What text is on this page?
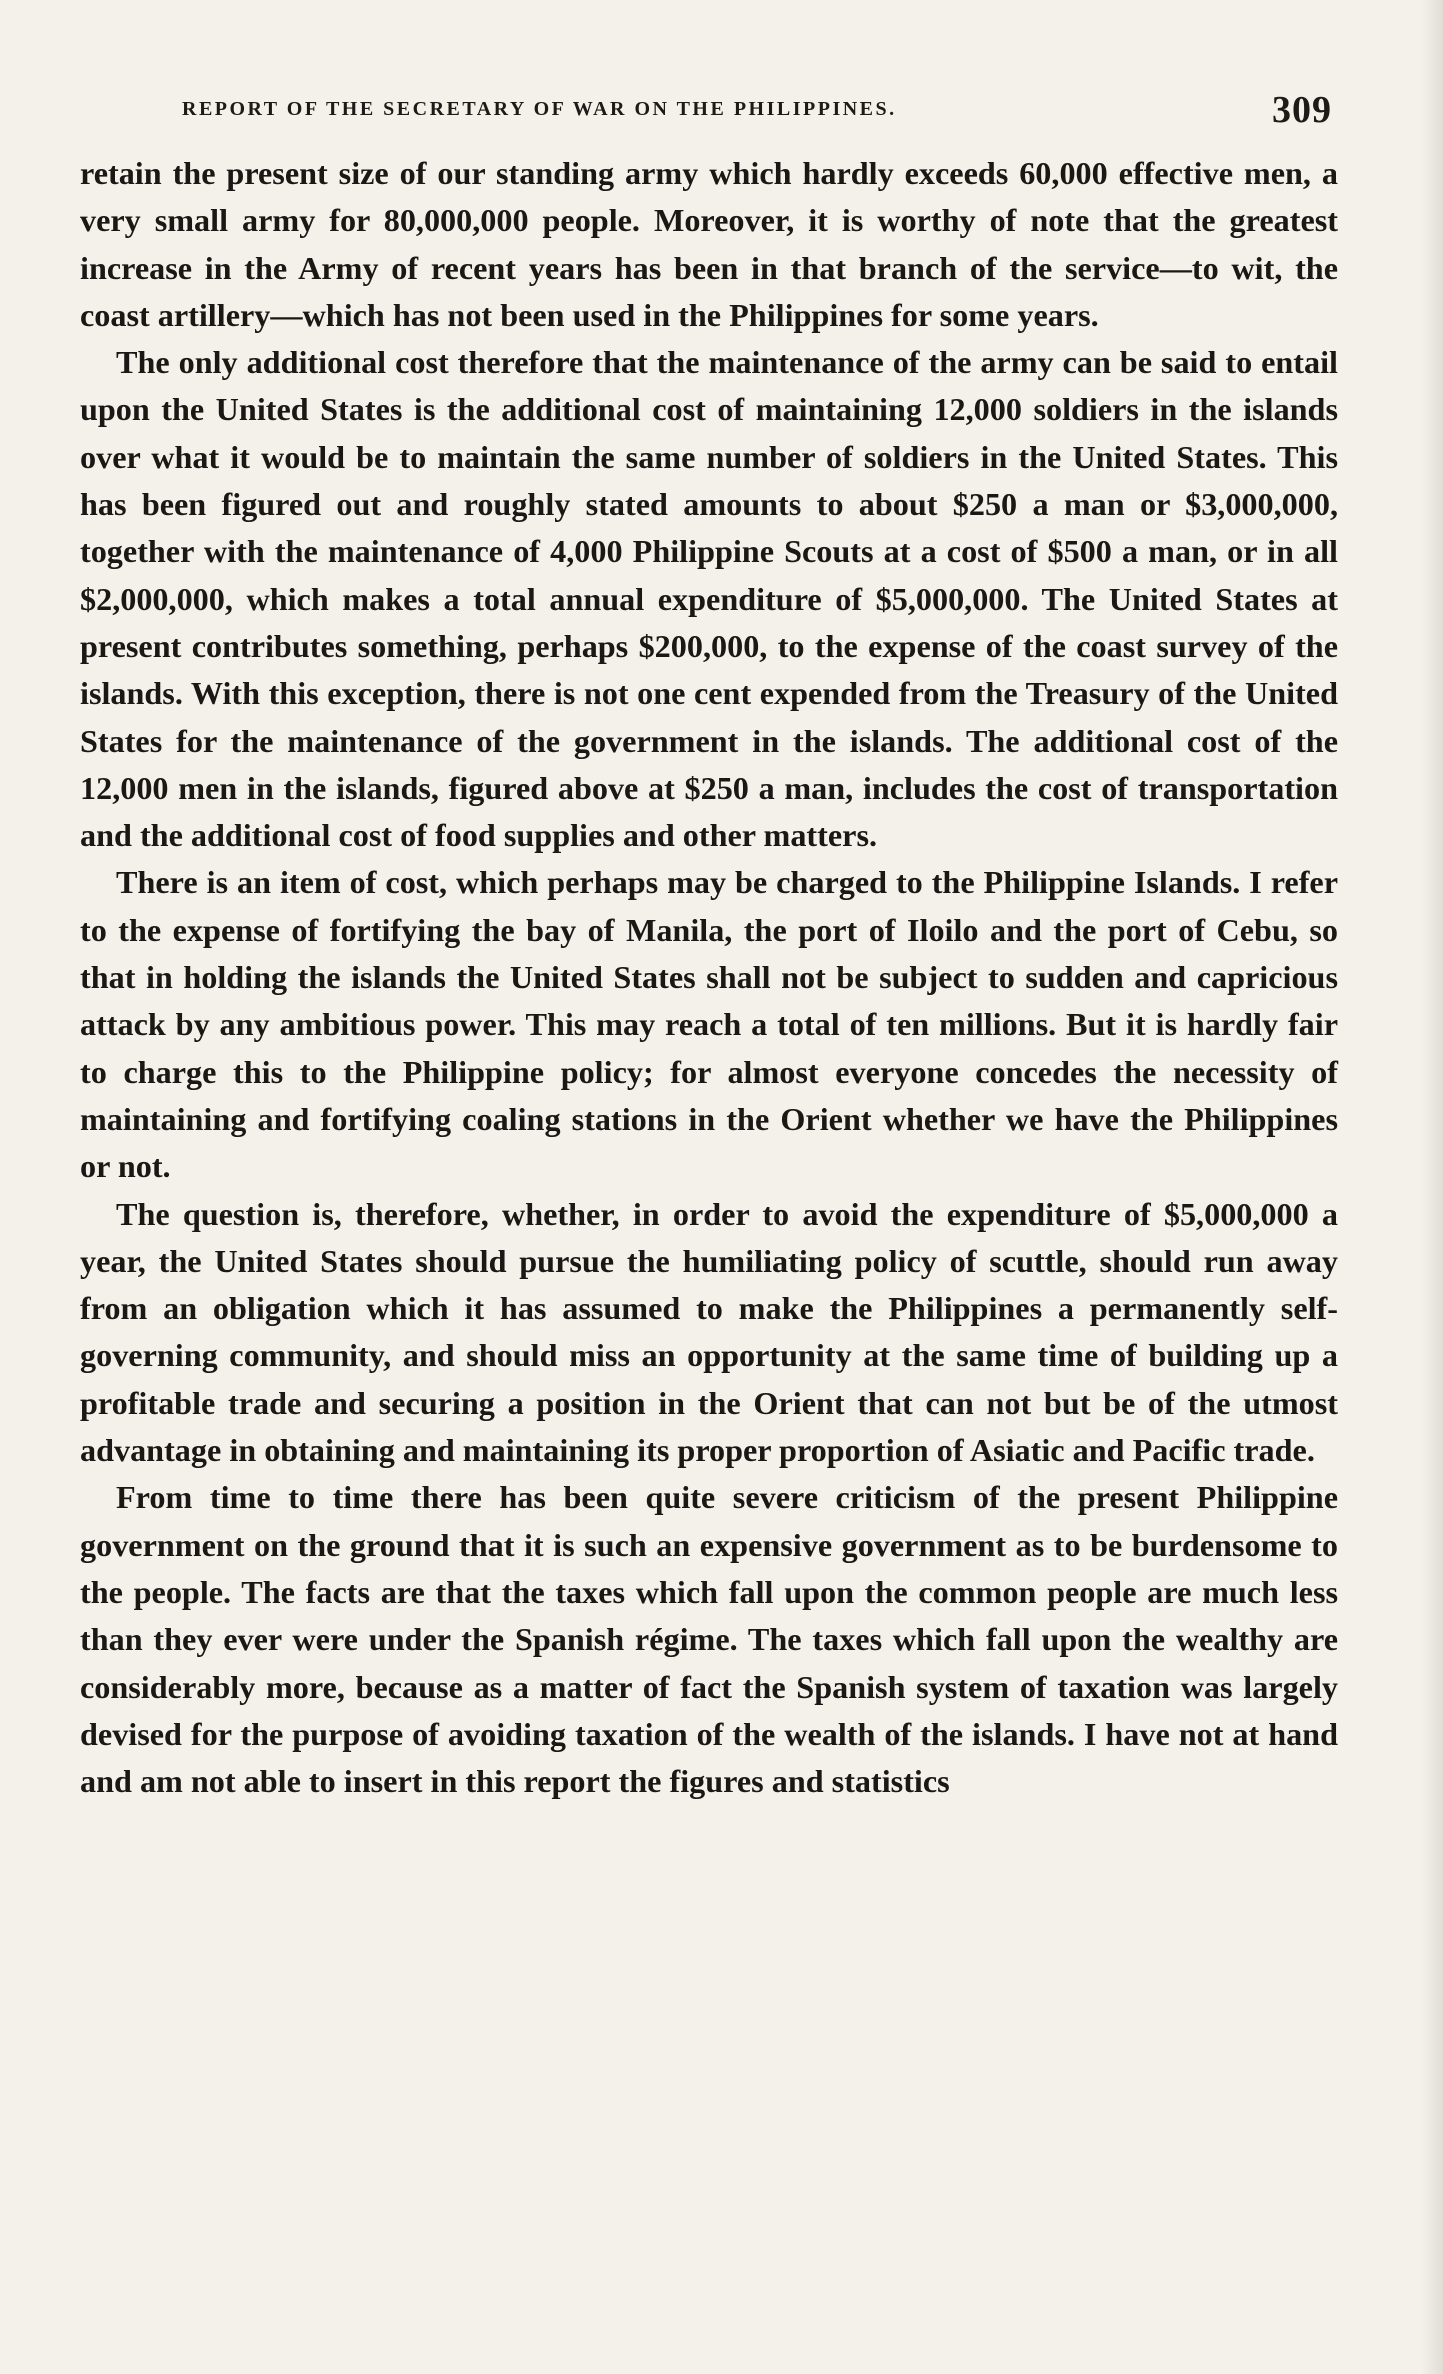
REPORT OF THE SECRETARY OF WAR ON THE PHILIPPINES.	309

retain the present size of our standing army which hardly exceeds 60,000 effective men, a very small army for 80,000,000 people. Moreover, it is worthy of note that the greatest increase in the Army of recent years has been in that branch of the service—to wit, the coast artillery—which has not been used in the Philippines for some years.

The only additional cost therefore that the maintenance of the army can be said to entail upon the United States is the additional cost of maintaining 12,000 soldiers in the islands over what it would be to maintain the same number of soldiers in the United States. This has been figured out and roughly stated amounts to about $250 a man or $3,000,000, together with the maintenance of 4,000 Philippine Scouts at a cost of $500 a man, or in all $2,000,000, which makes a total annual expenditure of $5,000,000. The United States at present contributes something, perhaps $200,000, to the expense of the coast survey of the islands. With this exception, there is not one cent expended from the Treasury of the United States for the maintenance of the government in the islands. The additional cost of the 12,000 men in the islands, figured above at $250 a man, includes the cost of transportation and the additional cost of food supplies and other matters.

There is an item of cost, which perhaps may be charged to the Philippine Islands. I refer to the expense of fortifying the bay of Manila, the port of Iloilo and the port of Cebu, so that in holding the islands the United States shall not be subject to sudden and capricious attack by any ambitious power. This may reach a total of ten millions. But it is hardly fair to charge this to the Philippine policy; for almost everyone concedes the necessity of maintaining and fortifying coaling stations in the Orient whether we have the Philippines or not.

The question is, therefore, whether, in order to avoid the expenditure of $5,000,000 a year, the United States should pursue the humiliating policy of scuttle, should run away from an obligation which it has assumed to make the Philippines a permanently self-governing community, and should miss an opportunity at the same time of building up a profitable trade and securing a position in the Orient that can not but be of the utmost advantage in obtaining and maintaining its proper proportion of Asiatic and Pacific trade.

From time to time there has been quite severe criticism of the present Philippine government on the ground that it is such an expensive government as to be burdensome to the people. The facts are that the taxes which fall upon the common people are much less than they ever were under the Spanish régime. The taxes which fall upon the wealthy are considerably more, because as a matter of fact the Spanish system of taxation was largely devised for the purpose of avoiding taxation of the wealth of the islands. I have not at hand and am not able to insert in this report the figures and statistics
